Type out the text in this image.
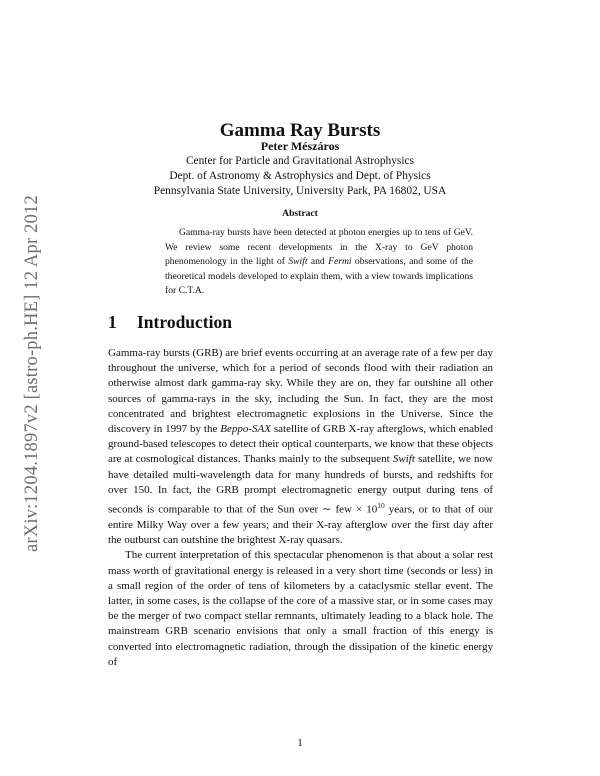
arXiv:1204.1897v2 [astro-ph.HE] 12 Apr 2012
Gamma Ray Bursts
Peter Mészáros
Center for Particle and Gravitational Astrophysics
Dept. of Astronomy & Astrophysics and Dept. of Physics
Pennsylvania State University, University Park, PA 16802, USA
Abstract
Gamma-ray bursts have been detected at photon energies up to tens of GeV. We review some recent developments in the X-ray to GeV photon phenomenology in the light of Swift and Fermi observations, and some of the theoretical models developed to explain them, with a view towards implications for C.T.A.
1 Introduction

Gamma-ray bursts (GRB) are brief events occurring at an average rate of a few per day throughout the universe, which for a period of seconds flood with their radiation an otherwise almost dark gamma-ray sky. While they are on, they far outshine all other sources of gamma-rays in the sky, including the Sun. In fact, they are the most concentrated and brightest electromagnetic explosions in the Universe. Since the discovery in 1997 by the Beppo-SAX satellite of GRB X-ray afterglows, which enabled ground-based telescopes to detect their optical counterparts, we know that these objects are at cosmological distances. Thanks mainly to the subsequent Swift satellite, we now have detailed multi-wavelength data for many hundreds of bursts, and redshifts for over 150. In fact, the GRB prompt electromagnetic energy output during tens of seconds is comparable to that of the Sun over ∼ few × $10^{10}$ years, or to that of our entire Milky Way over a few years; and their X-ray afterglow over the first day after the outburst can outshine the brightest X-ray quasars.

The current interpretation of this spectacular phenomenon is that about a solar rest mass worth of gravitational energy is released in a very short time (seconds or less) in a small region of the order of tens of kilometers by a cataclysmic stellar event. The latter, in some cases, is the collapse of the core of a massive star, or in some cases may be the merger of two compact stellar remnants, ultimately leading to a black hole. The mainstream GRB scenario envisions that only a small fraction of this energy is converted into electromagnetic radiation, through the dissipation of the kinetic energy of

1
